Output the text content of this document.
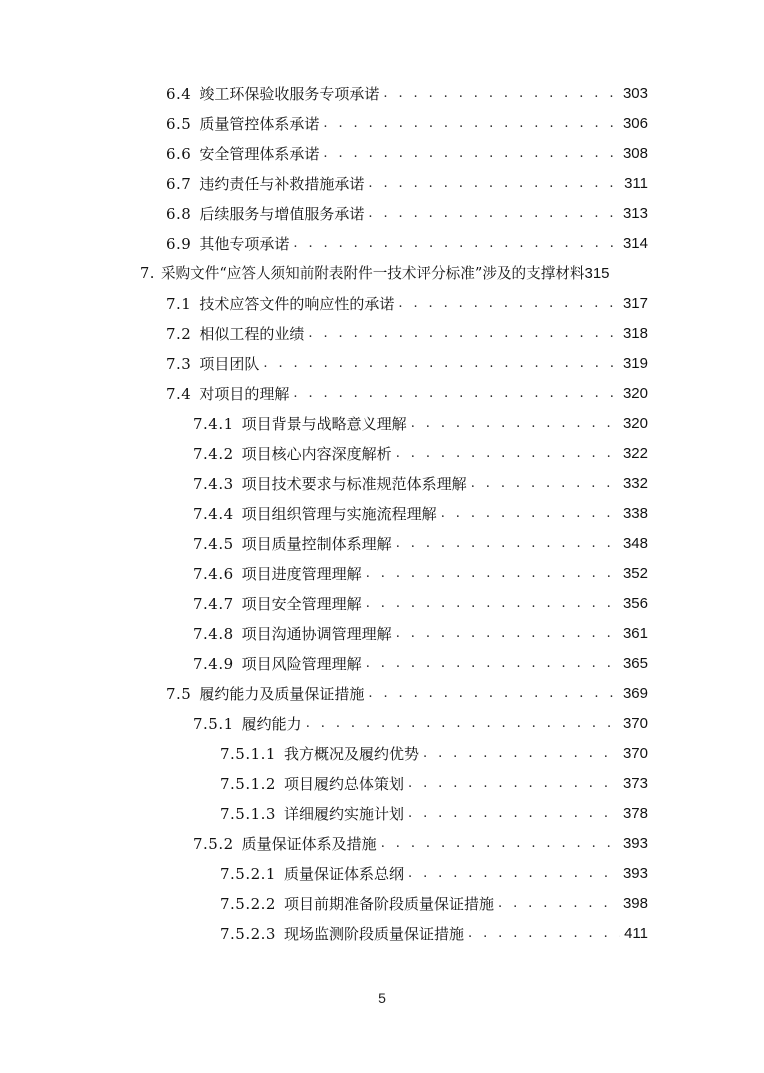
6.4 竣工环保验收服务专项承诺 . . .	303
6.5 质量管控体系承诺 . . .	306
6.6 安全管理体系承诺 . . .	308
6.7 违约责任与补救措施承诺 . . .	311
6.8 后续服务与增值服务承诺 . . .	313
6.9 其他专项承诺 . . .	314
7. 采购文件“应答人须知前附表附件一技术评分标准”涉及的支撑材料 315
7.1 技术应答文件的响应性的承诺 . . .	317
7.2 相似工程的业绩 . . .	318
7.3 项目团队 . . .	319
7.4 对项目的理解 . . .	320
7.4.1 项目背景与战略意义理解 . . .	320
7.4.2 项目核心内容深度解析 . . .	322
7.4.3 项目技术要求与标准规范体系理解 . . .	332
7.4.4 项目组织管理与实施流程理解 . . .	338
7.4.5 项目质量控制体系理解 . . .	348
7.4.6 项目进度管理理解 . . .	352
7.4.7 项目安全管理理解 . . .	356
7.4.8 项目沟通协调管理理解 . . .	361
7.4.9 项目风险管理理解 . . .	365
7.5 履约能力及质量保证措施 . . .	369
7.5.1 履约能力 . . .	370
7.5.1.1 我方概况及履约优势 . . .	370
7.5.1.2 项目履约总体策划 . . .	373
7.5.1.3 详细履约实施计划 . . .	378
7.5.2 质量保证体系及措施 . . .	393
7.5.2.1 质量保证体系总纲 . . .	393
7.5.2.2 项目前期准备阶段质量保证措施 . . .	398
7.5.2.3 现场监测阶段质量保证措施 . . .	411
5
